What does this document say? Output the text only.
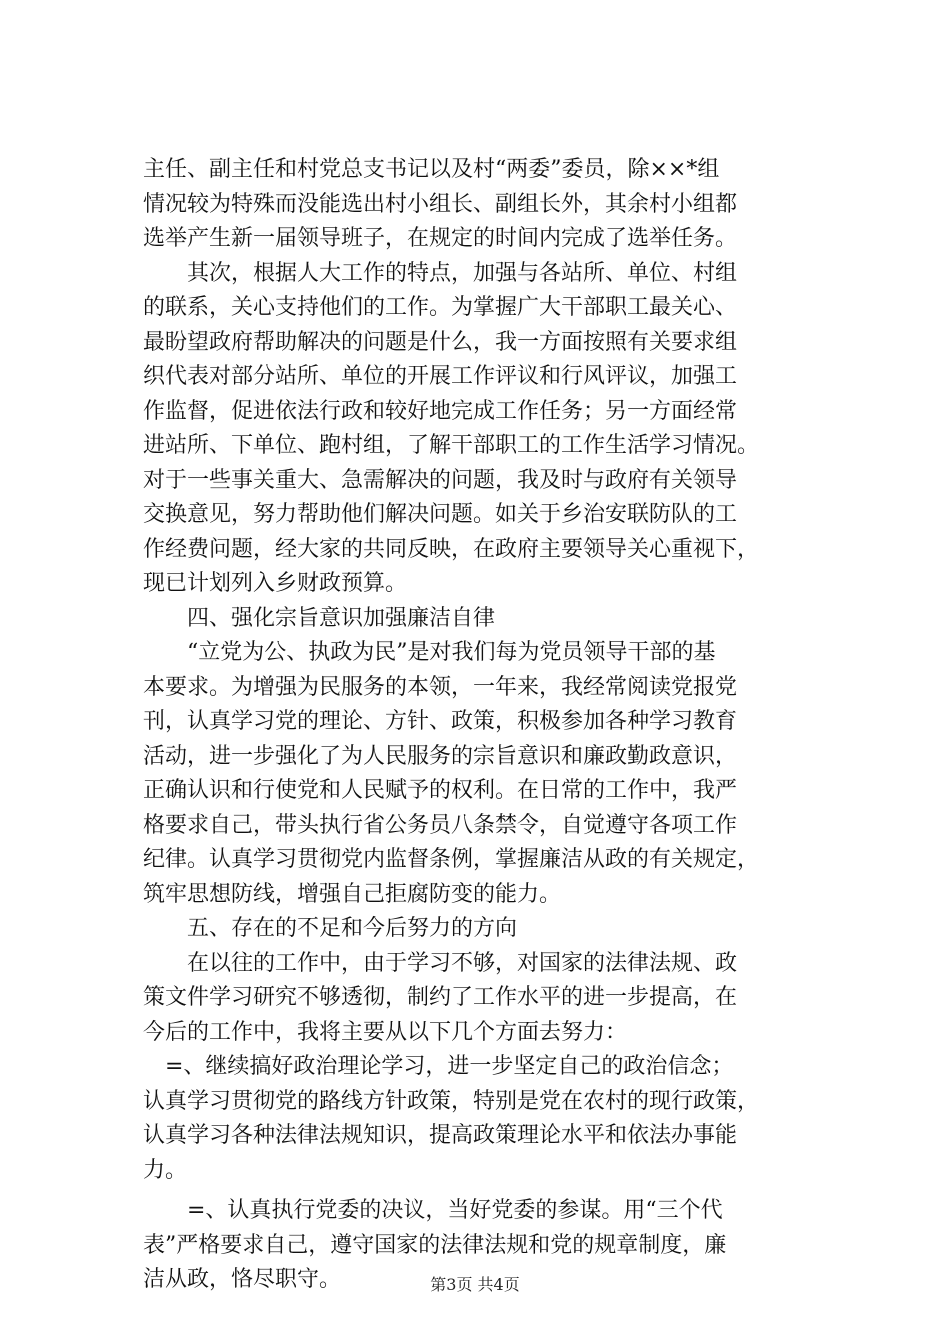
主任、副主任和村党总支书记以及村“两委”委员，除××*组
情况较为特殊而没能选出村小组长、副组长外，其余村小组都
选举产生新一届领导班子，在规定的时间内完成了选举任务。
　　其次，根据人大工作的特点，加强与各站所、单位、村组
的联系，关心支持他们的工作。为掌握广大干部职工最关心、
最盼望政府帮助解决的问题是什么，我一方面按照有关要求组
织代表对部分站所、单位的开展工作评议和行风评议，加强工
作监督，促进依法行政和较好地完成工作任务；另一方面经常
进站所、下单位、跑村组，了解干部职工的工作生活学习情况。
对于一些事关重大、急需解决的问题，我及时与政府有关领导
交换意见，努力帮助他们解决问题。如关于乡治安联防队的工
作经费问题，经大家的共同反映，在政府主要领导关心重视下，
现已计划列入乡财政预算。
　　四、强化宗旨意识加强廉洁自律
　　“立党为公、执政为民”是对我们每为党员领导干部的基
本要求。为增强为民服务的本领，一年来，我经常阅读党报党
刊，认真学习党的理论、方针、政策，积极参加各种学习教育
活动，进一步强化了为人民服务的宗旨意识和廉政勤政意识，
正确认识和行使党和人民赋予的权利。在日常的工作中，我严
格要求自己，带头执行省公务员八条禁令，自觉遵守各项工作
纪律。认真学习贯彻党内监督条例，掌握廉洁从政的有关规定，
筑牢思想防线，增强自己拒腐防变的能力。
　　五、存在的不足和今后努力的方向
　　在以往的工作中，由于学习不够，对国家的法律法规、政
策文件学习研究不够透彻，制约了工作水平的进一步提高，在
今后的工作中，我将主要从以下几个方面去努力：
　=、继续搞好政治理论学习，进一步坚定自己的政治信念；
认真学习贯彻党的路线方针政策，特别是党在农村的现行政策，
认真学习各种法律法规知识，提高政策理论水平和依法办事能
力。
　　=、认真执行党委的决议，当好党委的参谋。用“三个代
表”严格要求自己，遵守国家的法律法规和党的规章制度，廉
洁从政，恪尽职守。	第3页 共4页
